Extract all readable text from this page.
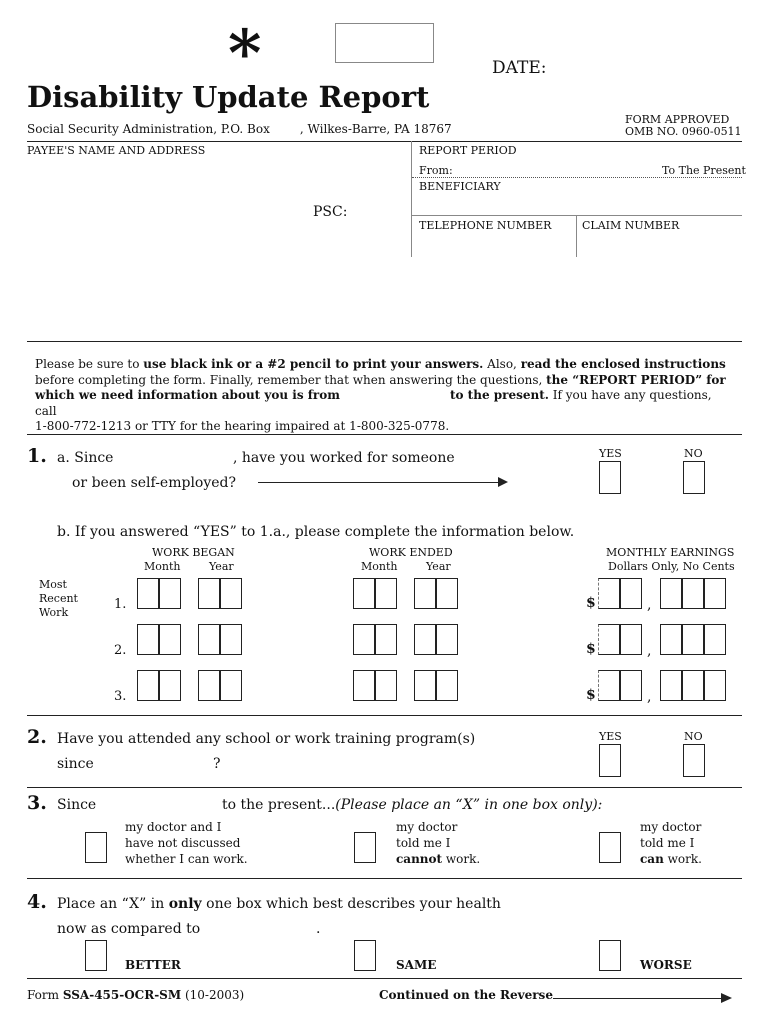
*	DATE:
Disability Update Report
Social Security Administration, P.O. Box	, Wilkes-Barre, PA 18767
FORM APPROVED
OMB NO. 0960-0511
PAYEE'S NAME AND ADDRESS
PSC:
REPORT PERIOD
From:	To The Present
BENEFICIARY
TELEPHONE NUMBER	CLAIM NUMBER
Please be sure to use black ink or a #2 pencil to print your answers. Also, read the enclosed instructions
before completing the form. Finally, remember that when answering the questions, the “REPORT PERIOD” for
which we need information about you is from	to the present. If you have any questions, call
1-800-772-1213 or TTY for the hearing impaired at 1-800-325-0778.
1. a. Since	, have you worked for someone
or been self-employed?
YES	NO
b. If you answered “YES” to 1.a., please complete the information below.
WORK BEGAN	WORK ENDED	MONTHLY EARNINGS
Month	Year	Month	Year	Dollars Only, No Cents
Most
Recent
Work
1.	$	,
2.	$	,
3.	$	,
2. Have you attended any school or work training program(s)
since	?
YES	NO
3. Since	to the present...(Please place an “X” in one box only):
my doctor and I
have not discussed
whether I can work.
my doctor
told me I
cannot work.
my doctor
told me I
can work.
4. Place an “X” in only one box which best describes your health
now as compared to	.
BETTER	SAME	WORSE
Form SSA-455-OCR-SM (10-2003)	Continued on the Reverse
